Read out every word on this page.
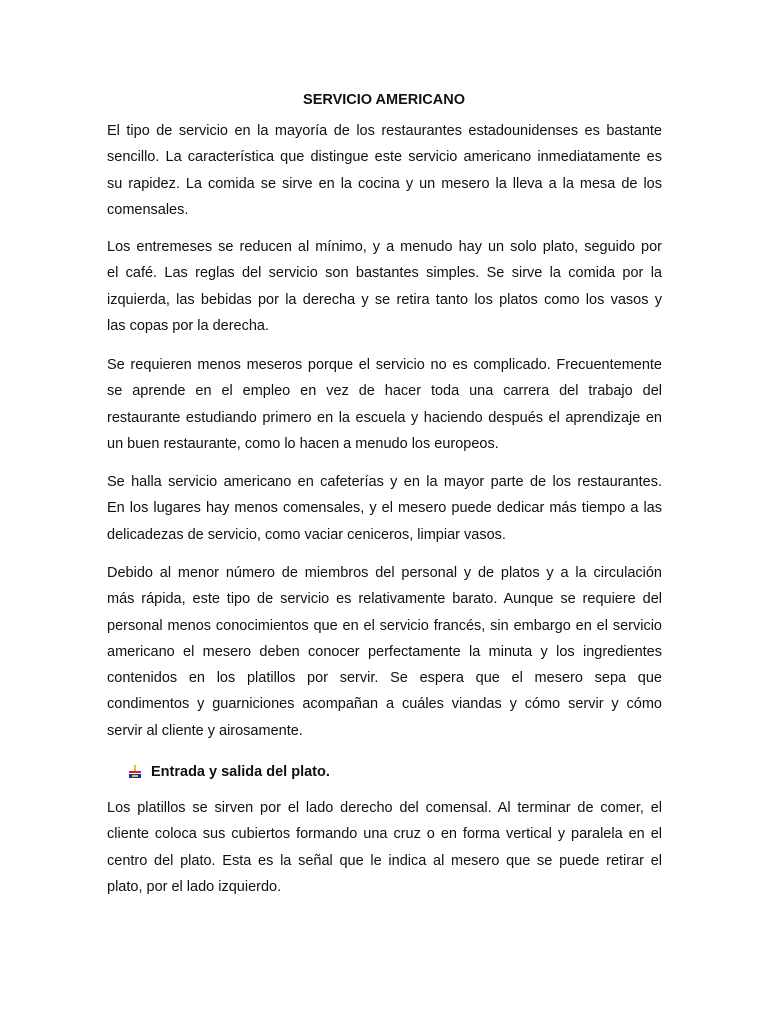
SERVICIO AMERICANO

El tipo de servicio en la mayoría de los restaurantes estadounidenses es bastante
sencillo. La característica que distingue este servicio americano inmediatamente es
su rapidez. La comida se sirve en la cocina y un mesero la lleva a la mesa de los
comensales.

Los entremeses se reducen al mínimo, y a menudo hay un solo plato, seguido por
el café. Las reglas del servicio son bastantes simples. Se sirve la comida por la
izquierda, las bebidas por la derecha y se retira tanto los platos como los vasos y
las copas por la derecha.

Se requieren menos meseros porque el servicio no es complicado. Frecuentemente
se aprende en el empleo en vez de hacer toda una carrera del trabajo del
restaurante estudiando primero en la escuela y haciendo después el aprendizaje en
un buen restaurante, como lo hacen a menudo los europeos.

Se halla servicio americano en cafeterías y en la mayor parte de los restaurantes.
En los lugares hay menos comensales, y el mesero puede dedicar más tiempo a las
delicadezas de servicio, como vaciar ceniceros, limpiar vasos.

Debido al menor número de miembros del personal y de platos y a la circulación
más rápida, este tipo de servicio es relativamente barato. Aunque se requiere del
personal menos conocimientos que en el servicio francés, sin embargo en el servicio
americano el mesero deben conocer perfectamente la minuta y los ingredientes
contenidos en los platillos por servir. Se espera que el mesero sepa que
condimentos y guarniciones acompañan a cuáles viandas y cómo servir y cómo
servir al cliente y airosamente.

Entrada y salida del plato.

Los platillos se sirven por el lado derecho del comensal. Al terminar de comer, el
cliente coloca sus cubiertos formando una cruz o en forma vertical y paralela en el
centro del plato. Esta es la señal que le indica al mesero que se puede retirar el
plato, por el lado izquierdo.
